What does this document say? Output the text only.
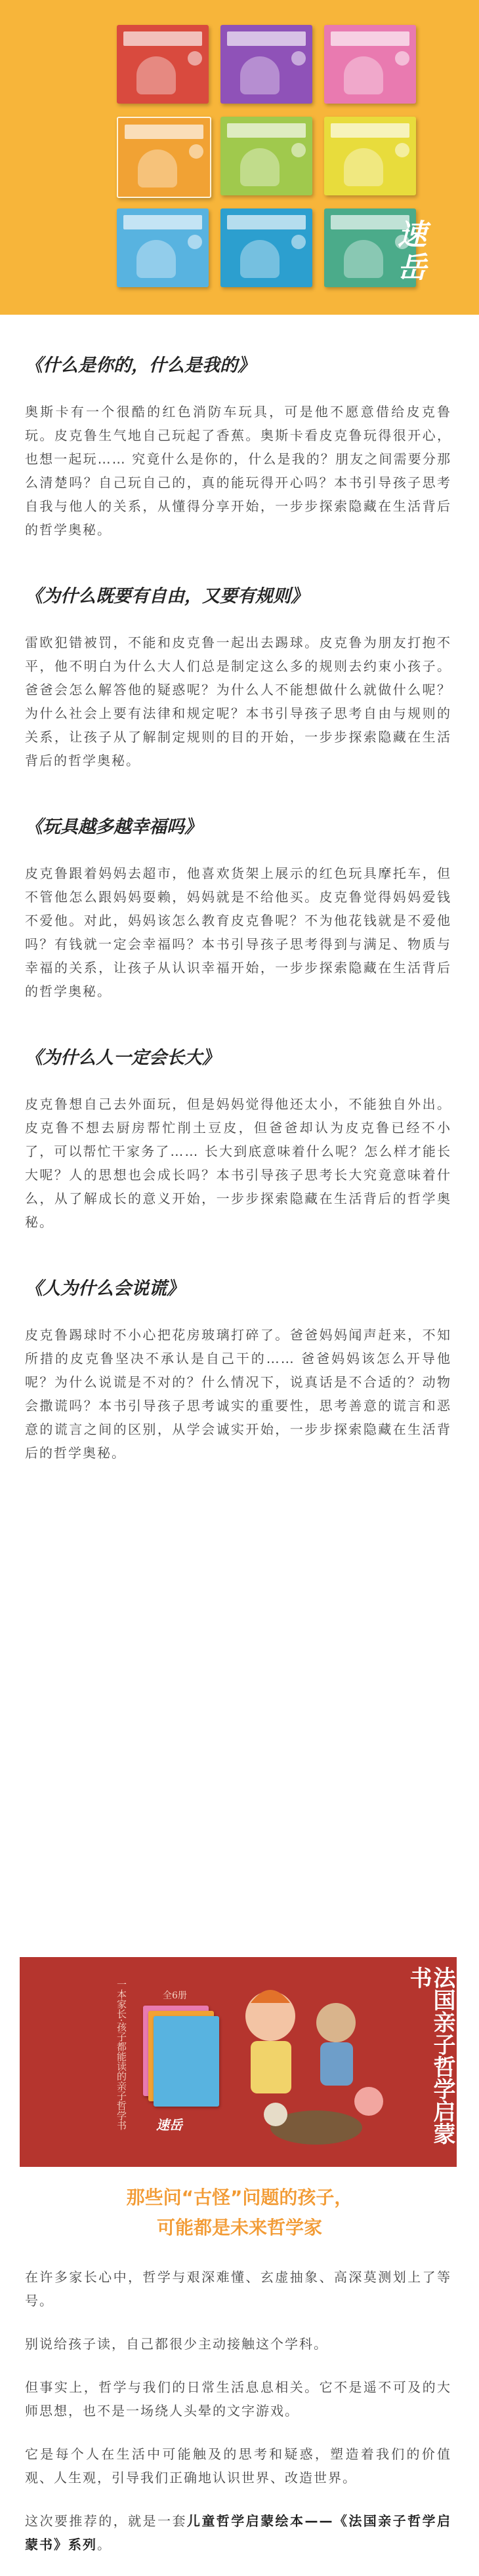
速岳
《什么是你的，什么是我的》

奥斯卡有一个很酷的红色消防车玩具，可是他不愿意借给皮克鲁玩。皮克鲁生气地自己玩起了香蕉。奥斯卡看皮克鲁玩得很开心，也想一起玩…… 究竟什么是你的，什么是我的？朋友之间需要分那么清楚吗？自己玩自己的，真的能玩得开心吗？本书引导孩子思考自我与他人的关系，从懂得分享开始，一步步探索隐藏在生活背后的哲学奥秘。

《为什么既要有自由，又要有规则》

雷欧犯错被罚，不能和皮克鲁一起出去踢球。皮克鲁为朋友打抱不平，他不明白为什么大人们总是制定这么多的规则去约束小孩子。爸爸会怎么解答他的疑惑呢？为什么人不能想做什么就做什么呢？为什么社会上要有法律和规定呢？本书引导孩子思考自由与规则的关系，让孩子从了解制定规则的目的开始，一步步探索隐藏在生活背后的哲学奥秘。

《玩具越多越幸福吗》

皮克鲁跟着妈妈去超市，他喜欢货架上展示的红色玩具摩托车，但不管他怎么跟妈妈耍赖，妈妈就是不给他买。皮克鲁觉得妈妈爱钱不爱他。对此，妈妈该怎么教育皮克鲁呢？不为他花钱就是不爱他吗？有钱就一定会幸福吗？本书引导孩子思考得到与满足、物质与幸福的关系，让孩子从认识幸福开始，一步步探索隐藏在生活背后的哲学奥秘。

《为什么人一定会长大》

皮克鲁想自己去外面玩，但是妈妈觉得他还太小，不能独自外出。皮克鲁不想去厨房帮忙削土豆皮，但爸爸却认为皮克鲁已经不小了，可以帮忙干家务了…… 长大到底意味着什么呢？怎么样才能长大呢？人的思想也会成长吗？本书引导孩子思考长大究竟意味着什么，从了解成长的意义开始，一步步探索隐藏在生活背后的哲学奥秘。

《人为什么会说谎》

皮克鲁踢球时不小心把花房玻璃打碎了。爸爸妈妈闻声赶来，不知所措的皮克鲁坚决不承认是自己干的…… 爸爸妈妈该怎么开导他呢？为什么说谎是不对的？什么情况下，说真话是不合适的？动物会撒谎吗？本书引导孩子思考诚实的重要性，思考善意的谎言和恶意的谎言之间的区别，从学会诚实开始，一步步探索隐藏在生活背后的哲学奥秘。

一本家长·孩子都能读的亲子哲学书	全6册
速岳	法国亲子哲学启蒙书
那些问“古怪”问题的孩子，
可能都是未来哲学家

在许多家长心中，哲学与艰深难懂、玄虚抽象、高深莫测划上了等号。

别说给孩子读，自己都很少主动接触这个学科。

但事实上，哲学与我们的日常生活息息相关。它不是遥不可及的大师思想，也不是一场绕人头晕的文字游戏。

它是每个人在生活中可能触及的思考和疑惑，塑造着我们的价值观、人生观，引导我们正确地认识世界、改造世界。

这次要推荐的，就是一套儿童哲学启蒙绘本——《法国亲子哲学启蒙书》系列。
